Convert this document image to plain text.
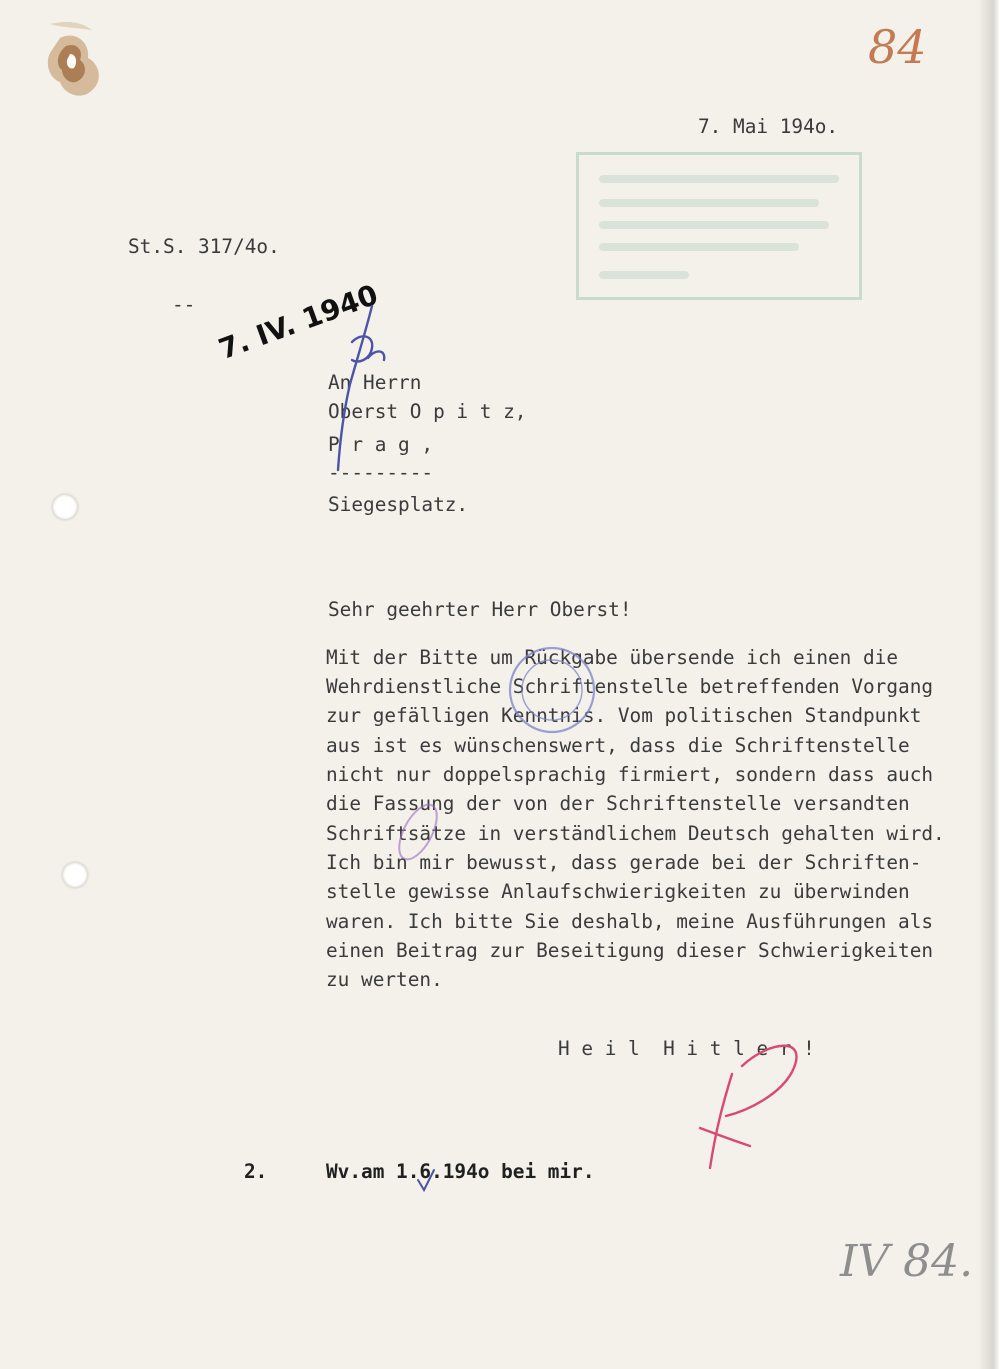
84

7. Mai 194o.

St.S. 317/4o.

-- 7. IV. 1940

An Herrn

Oberst O p i t z,

P r a g ,

---------

Siegesplatz.

Sehr geehrter Herr Oberst!

Mit der Bitte um Rückgabe übersende ich einen die

Wehrdienstliche Schriftenstelle betreffenden Vorgang

zur gefälligen Kenntnis. Vom politischen Standpunkt

aus ist es wünschenswert, dass die Schriftenstelle

nicht nur doppelsprachig firmiert, sondern dass auch

die Fassung der von der Schriftenstelle versandten

Schriftsätze in verständlichem Deutsch gehalten wird.

Ich bin mir bewusst, dass gerade bei der Schriften-

stelle gewisse Anlaufschwierigkeiten zu überwinden

waren. Ich bitte Sie deshalb, meine Ausführungen als

einen Beitrag zur Beseitigung dieser Schwierigkeiten

zu werten.

H e i l  H i t l e r !

2.	Wv.am 1.6.194o bei mir.

IV 84.
